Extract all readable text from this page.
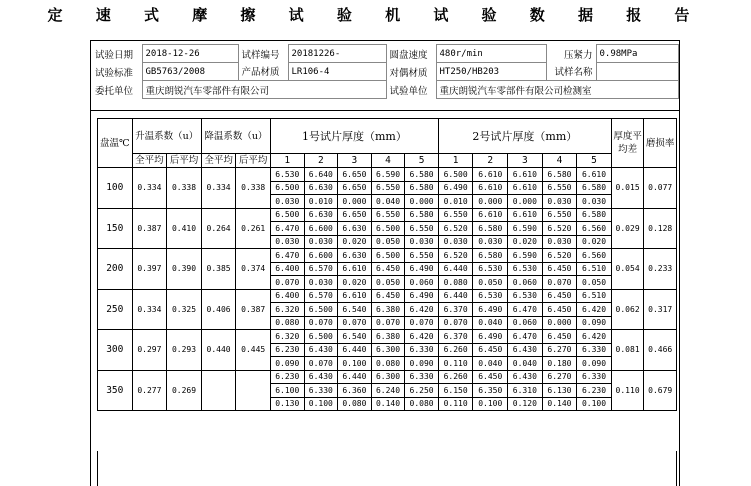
定 速 式 摩 擦 试 验 机 试 验 数 据 报 告
试验日期	2018-12-26	试样编号	20181226-	圆盘速度	480r/min	压紧力	0.98MPa
试验标准	GB5763/2008	产品材质	LR106-4	对偶材质	HT250/HB203	试样名称	
委托单位	重庆朗锐汽车零部件有限公司			试验单位	重庆朗锐汽车零部件有限公司检测室		
盘温℃	升温系数（u）		降温系数（u）		1号试片厚度（mm）					2号试片厚度（mm）					厚度平均差	磨损率
	全平均	后平均	全平均	后平均	1	2	3	4	5	1	2	3	4	5		
100	0.334	0.338	0.334	0.338	6.530	6.640	6.650	6.590	6.580	6.500	6.610	6.610	6.580	6.610	0.015	0.077
					6.500	6.630	6.650	6.550	6.580	6.490	6.610	6.610	6.550	6.580		
					0.030	0.010	0.000	0.040	0.000	0.010	0.000	0.000	0.030	0.030		
150	0.387	0.410	0.264	0.261	6.500	6.630	6.650	6.550	6.580	6.550	6.610	6.610	6.550	6.580	0.029	0.128
					6.470	6.600	6.630	6.500	6.550	6.520	6.580	6.590	6.520	6.560		
					0.030	0.030	0.020	0.050	0.030	0.030	0.030	0.020	0.030	0.020		
200	0.397	0.390	0.385	0.374	6.470	6.600	6.630	6.500	6.550	6.520	6.580	6.590	6.520	6.560	0.054	0.233
					6.400	6.570	6.610	6.450	6.490	6.440	6.530	6.530	6.450	6.510		
					0.070	0.030	0.020	0.050	0.060	0.080	0.050	0.060	0.070	0.050		
250	0.334	0.325	0.406	0.387	6.400	6.570	6.610	6.450	6.490	6.440	6.530	6.530	6.450	6.510	0.062	0.317
					6.320	6.500	6.540	6.380	6.420	6.370	6.490	6.470	6.450	6.420		
					0.080	0.070	0.070	0.070	0.070	0.070	0.040	0.060	0.000	0.090		
300	0.297	0.293	0.440	0.445	6.320	6.500	6.540	6.380	6.420	6.370	6.490	6.470	6.450	6.420	0.081	0.466
					6.230	6.430	6.440	6.300	6.330	6.260	6.450	6.430	6.270	6.330		
					0.090	0.070	0.100	0.080	0.090	0.110	0.040	0.040	0.180	0.090		
350	0.277	0.269			6.230	6.430	6.440	6.300	6.330	6.260	6.450	6.430	6.270	6.330	0.110	0.679
					6.100	6.330	6.360	6.240	6.250	6.150	6.350	6.310	6.130	6.230		
					0.130	0.100	0.080	0.140	0.080	0.110	0.100	0.120	0.140	0.100		
